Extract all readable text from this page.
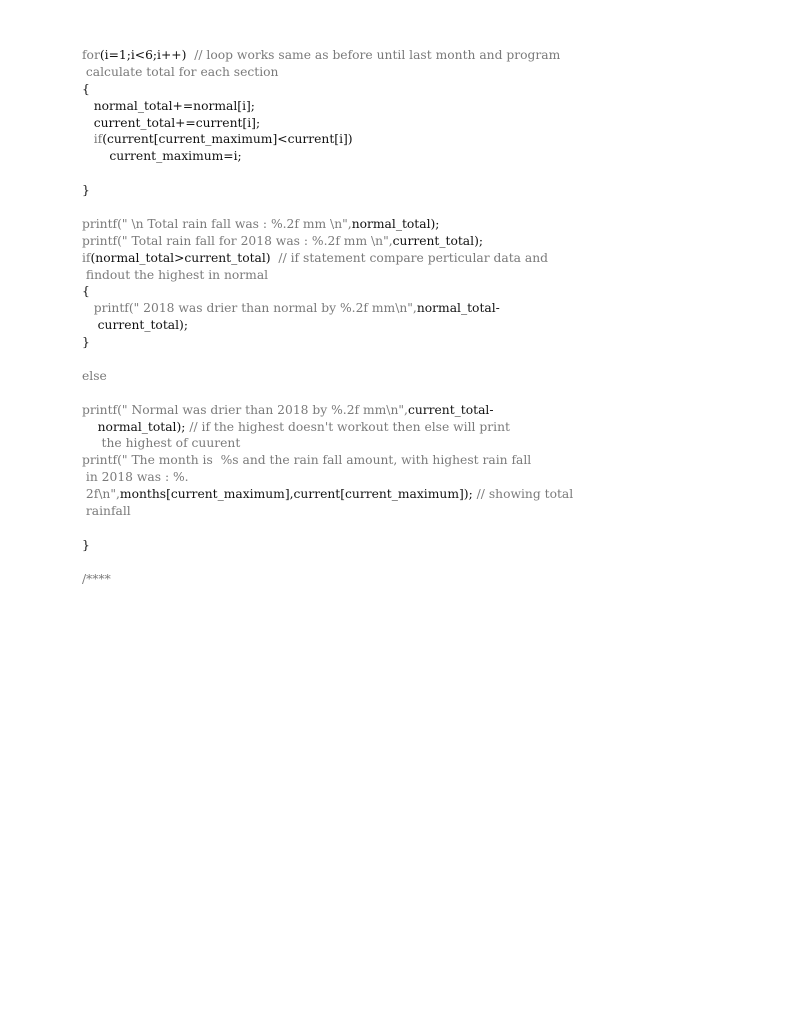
for(i=1;i<6;i++)  // loop works same as before until last month and program
calculate total for each section
{
normal_total+=normal[i];
current_total+=current[i];
if(current[current_maximum]<current[i])
current_maximum=i;
}
printf(" \n Total rain fall was : %.2f mm \n",normal_total);
printf(" Total rain fall for 2018 was : %.2f mm \n",current_total);
if(normal_total>current_total)  // if statement compare perticular data and
findout the highest in normal
{
printf(" 2018 was drier than normal by %.2f mm\n",normal_total-
current_total);
}
else
printf(" Normal was drier than 2018 by %.2f mm\n",current_total-
normal_total); // if the highest doesn't workout then else will print
the highest of cuurent
printf(" The month is  %s and the rain fall amount, with highest rain fall
in 2018 was : %.
2f\n",months[current_maximum],current[current_maximum]); // showing total
rainfall
}
/****
